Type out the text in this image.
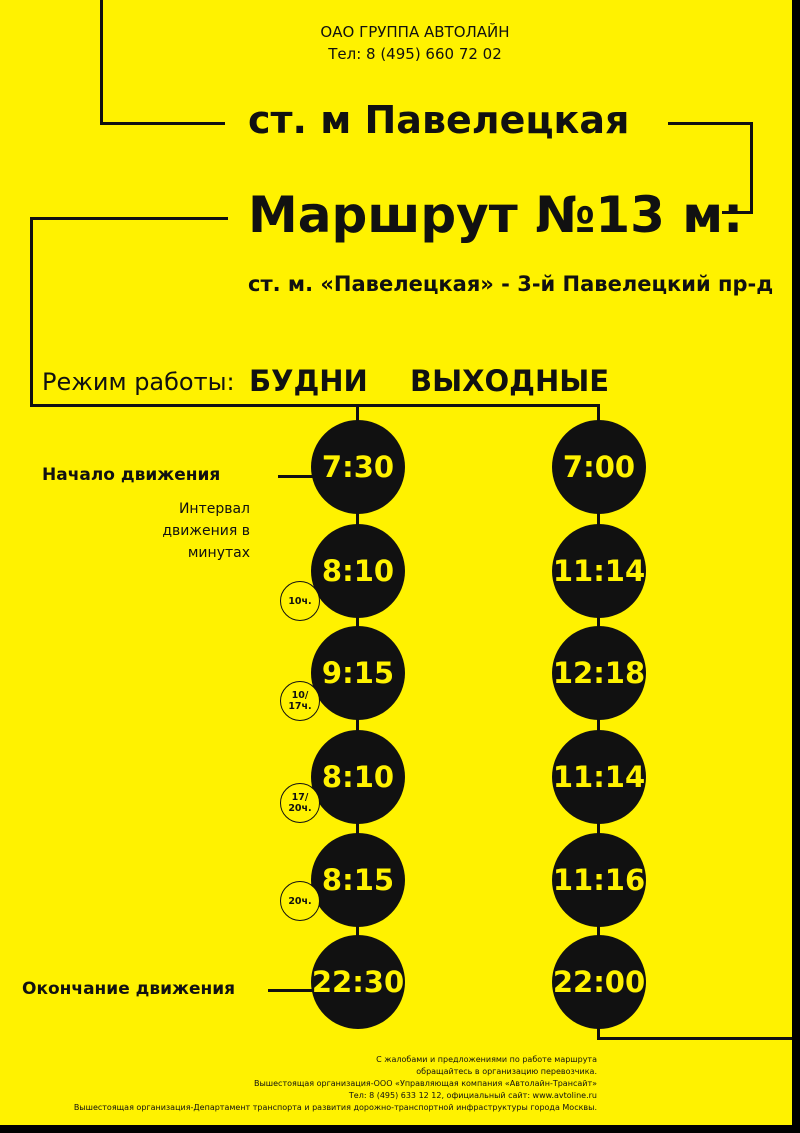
ОАО ГРУППА АВТОЛАЙН
Тел: 8 (495) 660 72 02
ст. м Павелецкая
Маршрут №13 м:
ст. м. «Павелецкая» - 3-й Павелецкий пр-д
Режим работы: БУДНИ ВЫХОДНЫЕ
Начало движения
Интервал движения в минутах
Окончание движения
7:30
8:10
9:15
8:10
8:15
22:30
7:00
11:14
12:18
11:14
11:16
22:00
10ч.
10/ 17ч.
17/ 20ч.
20ч.
С жалобами и предложениями по работе маршрута
обращайтесь в организацию перевозчика.
Вышестоящая организация-ООО «Управляющая компания «Автолайн-Трансайт»
Тел: 8 (495) 633 12 12, официальный сайт: www.avtoline.ru
Вышестоящая организация-Департамент транспорта и развития дорожно-транспортной инфраструктуры города Москвы.
